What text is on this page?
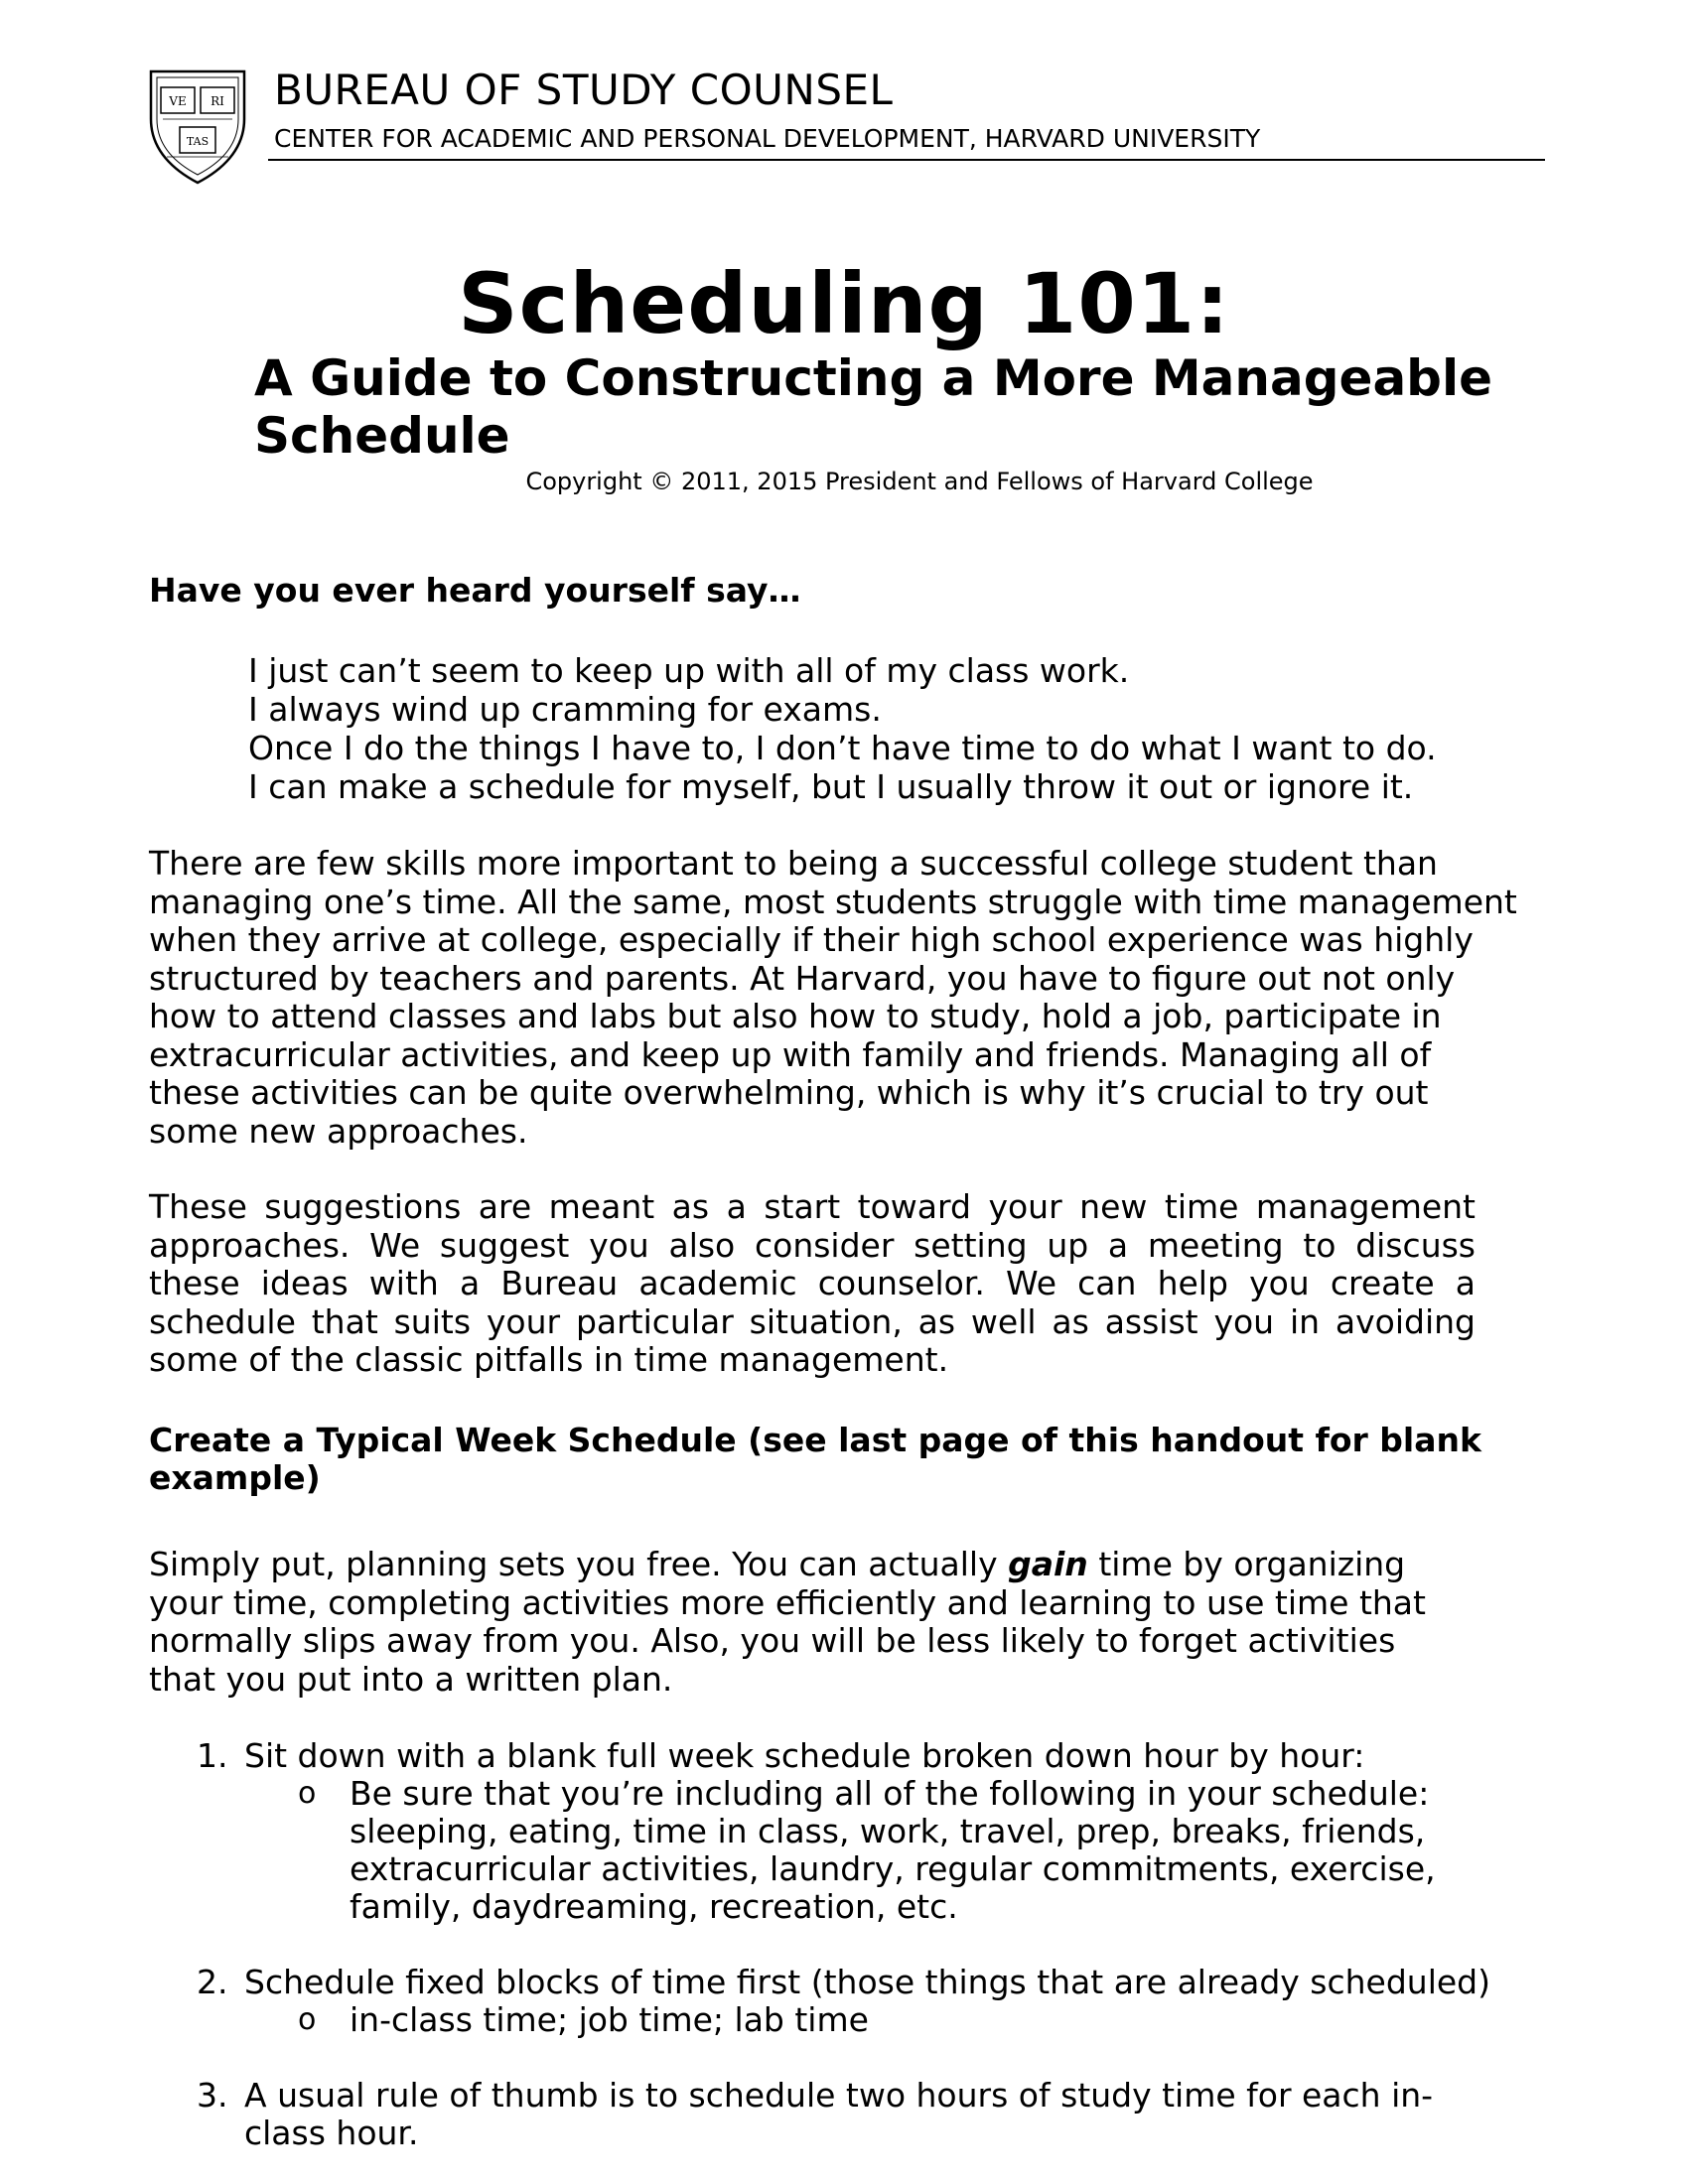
VE RI
TAS
BUREAU OF STUDY COUNSEL
CENTER FOR ACADEMIC AND PERSONAL DEVELOPMENT, HARVARD UNIVERSITY
Scheduling 101:
A Guide to Constructing a More Manageable Schedule
Copyright © 2011, 2015 President and Fellows of Harvard College
Have you ever heard yourself say…
I just can’t seem to keep up with all of my class work.
I always wind up cramming for exams.
Once I do the things I have to, I don’t have time to do what I want to do.
I can make a schedule for myself, but I usually throw it out or ignore it.
There are few skills more important to being a successful college student than managing one’s time. All the same, most students struggle with time management when they arrive at college, especially if their high school experience was highly structured by teachers and parents. At Harvard, you have to figure out not only how to attend classes and labs but also how to study, hold a job, participate in extracurricular activities, and keep up with family and friends. Managing all of these activities can be quite overwhelming, which is why it’s crucial to try out some new approaches.
These suggestions are meant as a start toward your new time management approaches. We suggest you also consider setting up a meeting to discuss these ideas with a Bureau academic counselor. We can help you create a schedule that suits your particular situation, as well as assist you in avoiding some of the classic pitfalls in time management.
Create a Typical Week Schedule (see last page of this handout for blank example)
Simply put, planning sets you free. You can actually gain time by organizing your time, completing activities more efficiently and learning to use time that normally slips away from you. Also, you will be less likely to forget activities that you put into a written plan.
1. Sit down with a blank full week schedule broken down hour by hour:
o Be sure that you’re including all of the following in your schedule: sleeping, eating, time in class, work, travel, prep, breaks, friends, extracurricular activities, laundry, regular commitments, exercise, family, daydreaming, recreation, etc.
2. Schedule fixed blocks of time first (those things that are already scheduled)
o in-class time; job time; lab time
3. A usual rule of thumb is to schedule two hours of study time for each in-class hour.
